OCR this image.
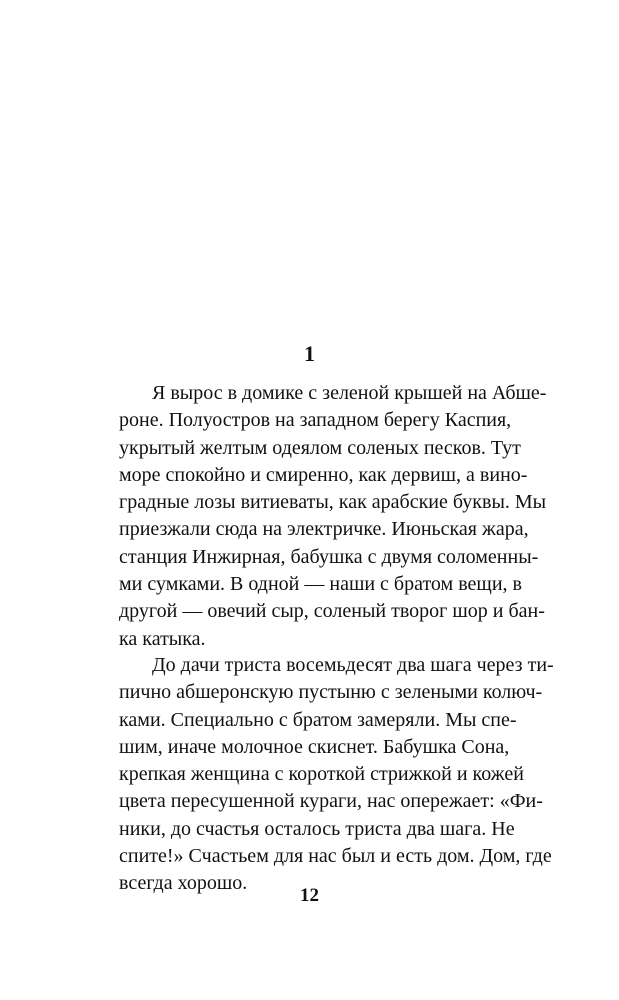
1
Я вырос в домике с зеленой крышей на Абше-
роне. Полуостров на западном берегу Каспия,
укрытый желтым одеялом соленых песков. Тут
море спокойно и смиренно, как дервиш, а вино-
градные лозы витиеваты, как арабские буквы. Мы
приезжали сюда на электричке. Июньская жара,
станция Инжирная, бабушка с двумя соломенны-
ми сумками. В одной — наши с братом вещи, в
другой — овечий сыр, соленый творог шор и бан-
ка катыка.
До дачи триста восемьдесят два шага через ти-
пично абшеронскую пустыню с зелеными колюч-
ками. Специально с братом замеряли. Мы спе-
шим, иначе молочное скиснет. Бабушка Сона,
крепкая женщина с короткой стрижкой и кожей
цвета пересушенной кураги, нас опережает: «Фи-
ники, до счастья осталось триста два шага. Не
спите!» Счастьем для нас был и есть дом. Дом, где
всегда хорошо.
12
